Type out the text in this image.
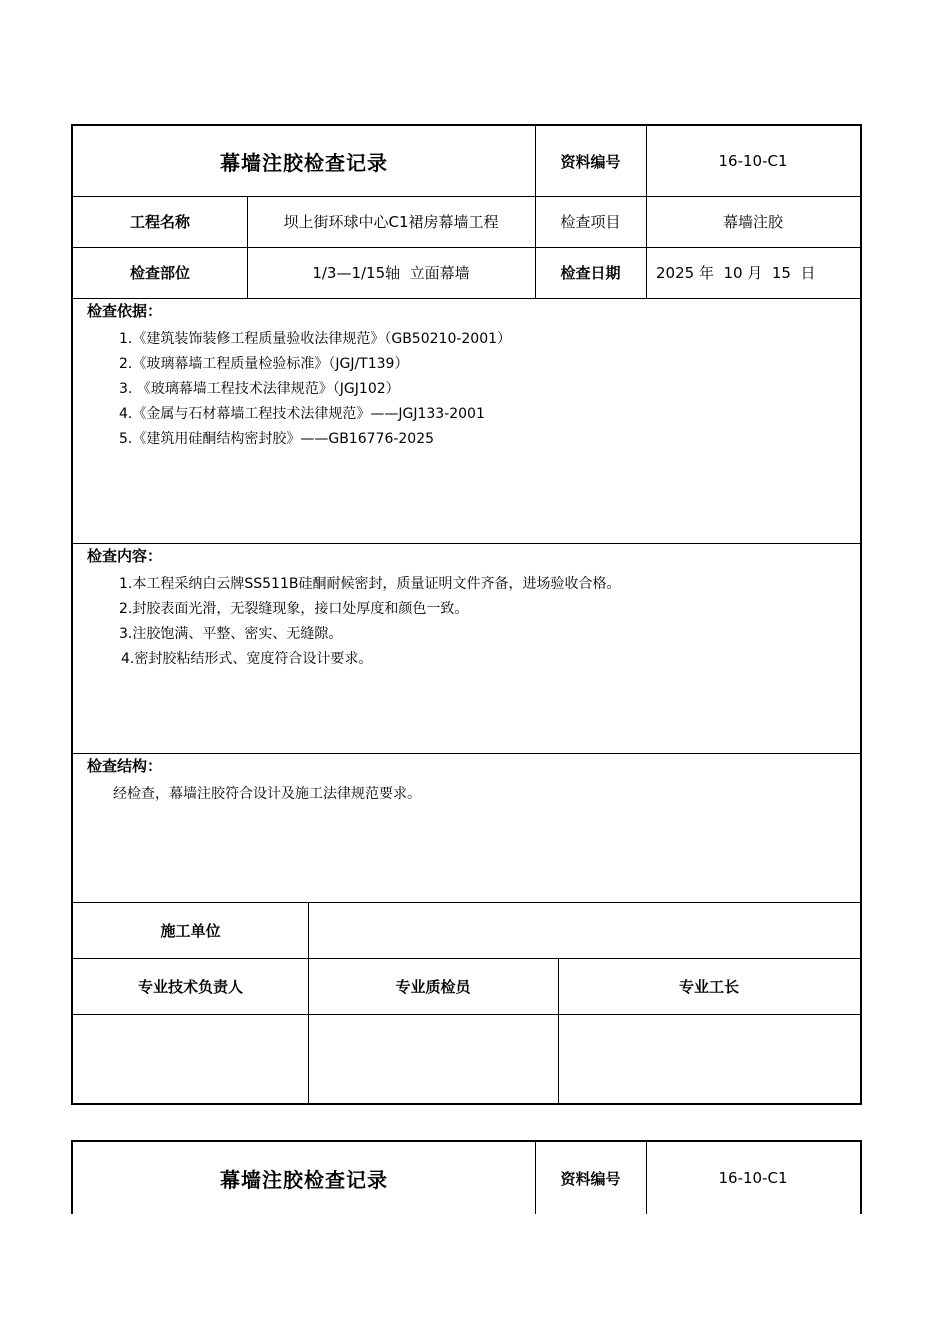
幕墙注胶检查记录	资料编号	16-10-C1
工程名称	坝上街环球中心C1裙房幕墙工程	检查项目	幕墙注胶
检查部位	1/3—1/15轴  立面幕墙	检查日期	2025 年  10 月  15  日
检查依据：
1.《建筑装饰装修工程质量验收法律规范》（GB50210-2001）
2.《玻璃幕墙工程质量检验标准》（JGJ/T139）
3. 《玻璃幕墙工程技术法律规范》（JGJ102）
4.《金属与石材幕墙工程技术法律规范》——JGJ133-2001
5.《建筑用硅酮结构密封胶》——GB16776-2025
检查内容：
1.本工程采纳白云牌SS511B硅酮耐候密封，质量证明文件齐备，进场验收合格。
2.封胶表面光滑，无裂缝现象，接口处厚度和颜色一致。
3.注胶饱满、平整、密实、无缝隙。
4.密封胶粘结形式、宽度符合设计要求。
检查结构：
经检查，幕墙注胶符合设计及施工法律规范要求。
施工单位
专业技术负责人	专业质检员	专业工长
幕墙注胶检查记录	资料编号	16-10-C1
